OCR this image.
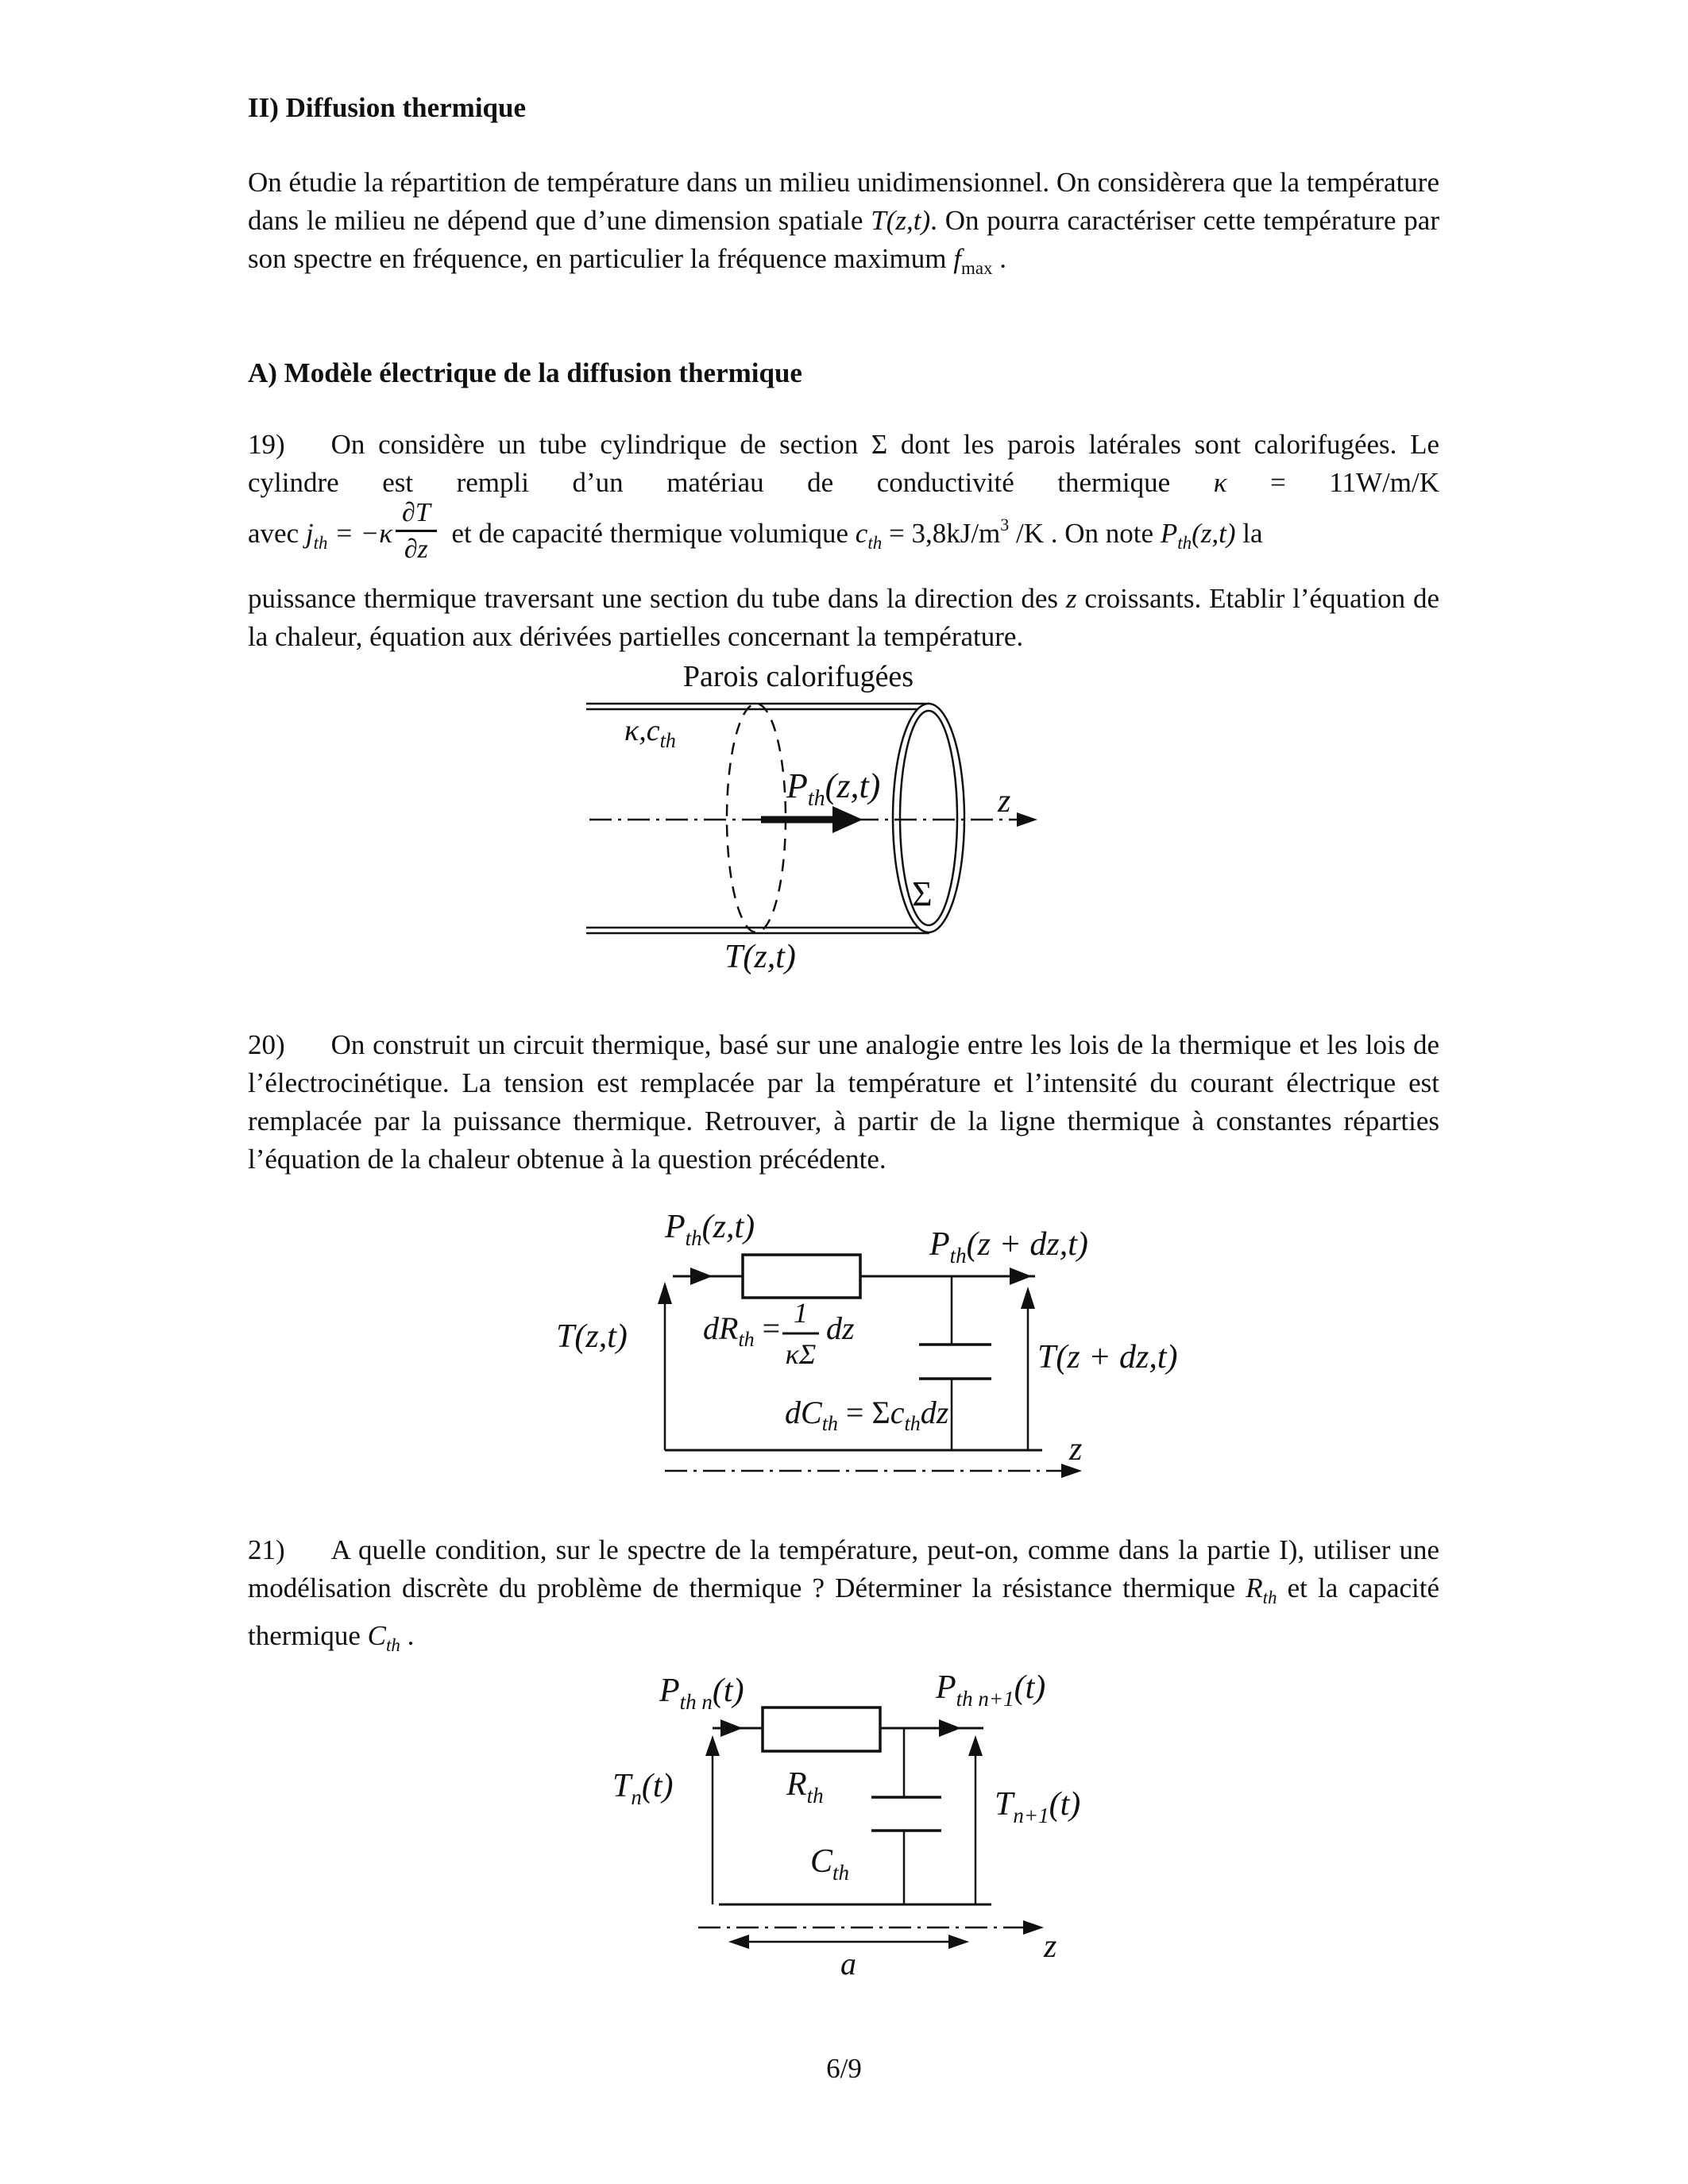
II) Diffusion thermique
On étudie la répartition de température dans un milieu unidimensionnel. On considèrera que la température dans le milieu ne dépend que d’une dimension spatiale T(z,t). On pourra caractériser cette température par son spectre en fréquence, en particulier la fréquence maximum $f_{max}$ .
A) Modèle électrique de la diffusion thermique
19) On considère un tube cylindrique de section Σ dont les parois latérales sont calorifugées. Le cylindre est rempli d’un matériau de conductivité thermique κ = 11W/m/K
avec $j_{th} = -\kappa \frac{\partial T}{\partial z}$ et de capacité thermique volumique $c_{th} = 3,8kJ/m^3$ /K . On note $P_{th}(z,t)$ la
puissance thermique traversant une section du tube dans la direction des z croissants. Etablir l’équation de la chaleur, équation aux dérivées partielles concernant la température.
Parois calorifugées
$\kappa,c_{th}$
$P_{th}(z,t)$	z
Σ
T(z,t)
20) On construit un circuit thermique, basé sur une analogie entre les lois de la thermique et les lois de l’électrocinétique. La tension est remplacée par la température et l’intensité du courant électrique est remplacée par la puissance thermique. Retrouver, à partir de la ligne thermique à constantes réparties l’équation de la chaleur obtenue à la question précédente.
$P_{th}(z,t)$	$P_{th}(z + dz,t)$
T(z,t)
T(z + dz,t)
$dR_{th} = 1$
κΣ
dz
$dC_{th} = \Sigma c_{th}dz$
z
21) A quelle condition, sur le spectre de la température, peut-on, comme dans la partie I), utiliser une modélisation discrète du problème de thermique ? Déterminer la résistance thermique $R_{th}$ et la capacité thermique $C_{th}$ .
$P_{th n}(t)$	$P_{th n+1}(t)$
$T_n(t)$	$T_{n+1}(t)$
$R_{th}$
$C_{th}$
z
a
6/9
